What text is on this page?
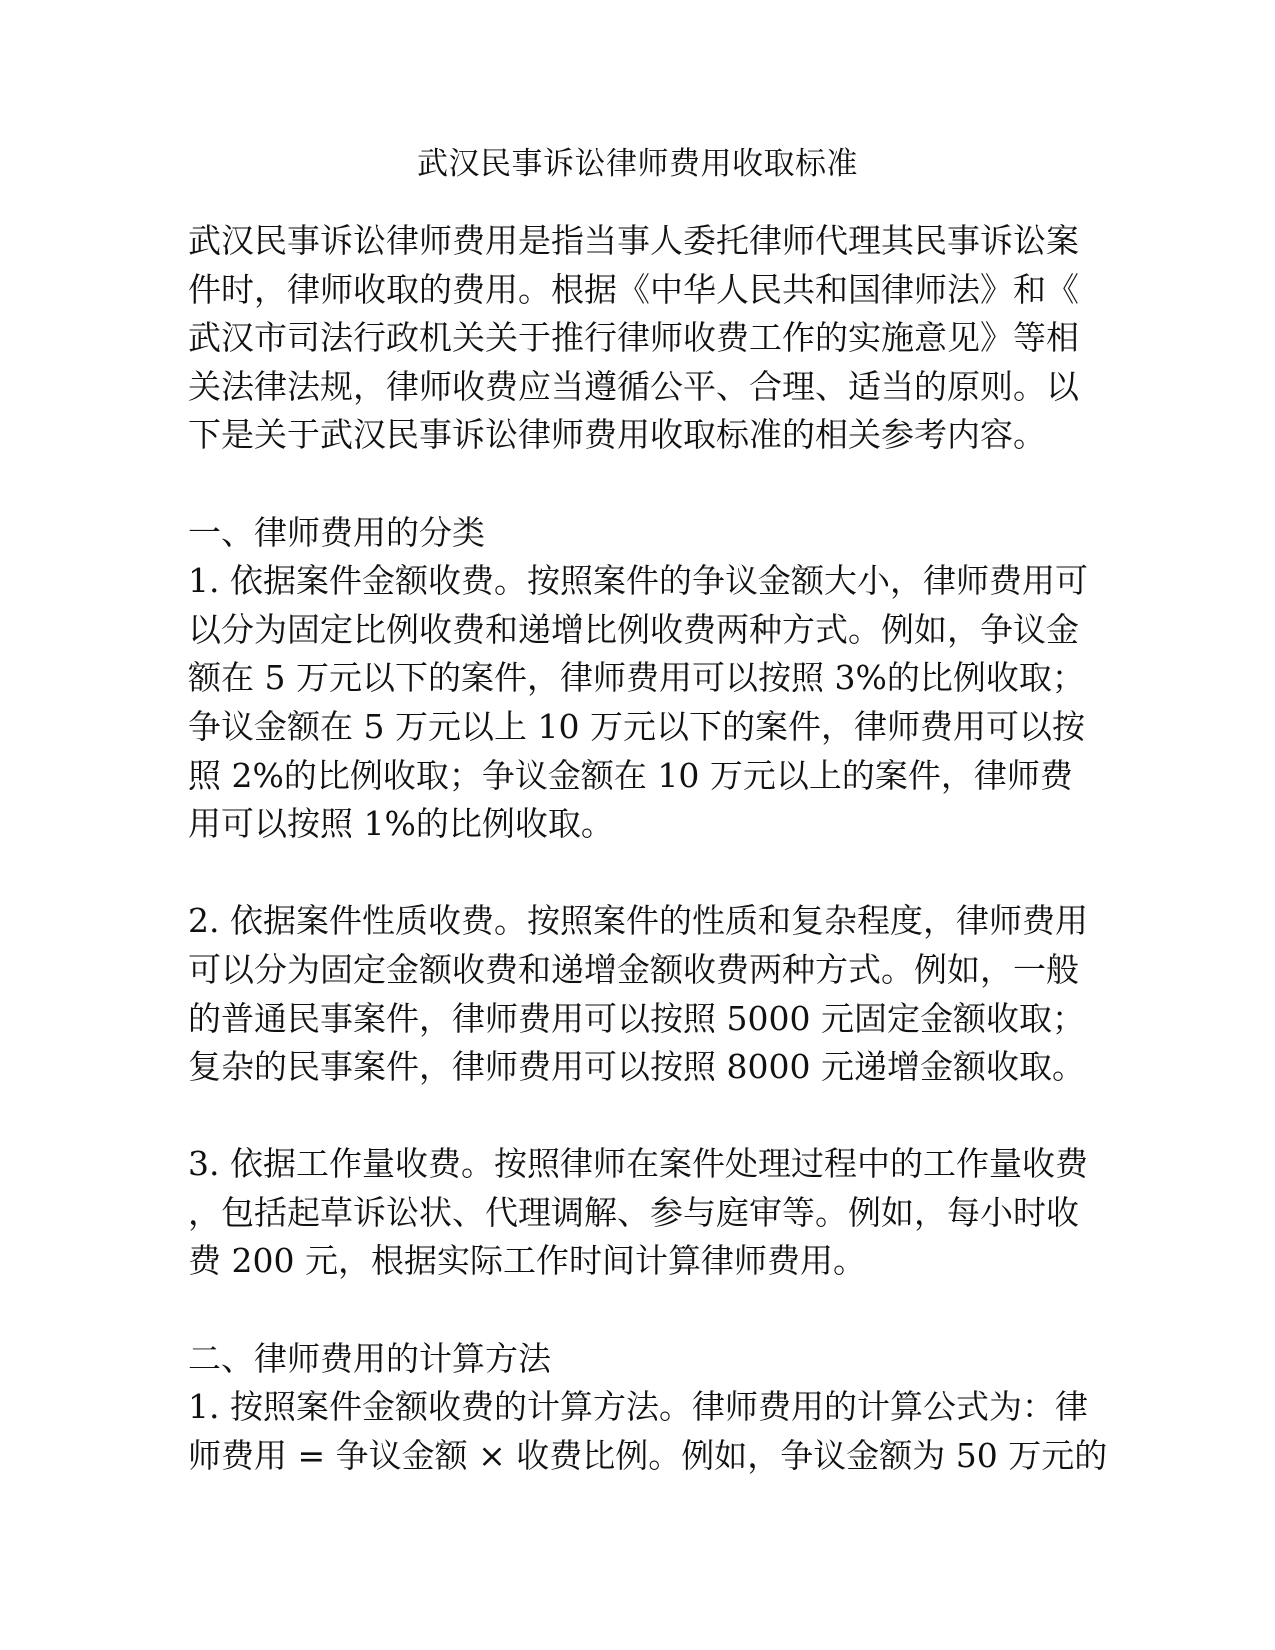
武汉民事诉讼律师费用收取标准
武汉民事诉讼律师费用是指当事人委托律师代理其民事诉讼案
件时，律师收取的费用。根据《中华人民共和国律师法》和《
武汉市司法行政机关关于推行律师收费工作的实施意见》等相
关法律法规，律师收费应当遵循公平、合理、适当的原则。以
下是关于武汉民事诉讼律师费用收取标准的相关参考内容。
一、律师费用的分类
1. 依据案件金额收费。按照案件的争议金额大小，律师费用可
以分为固定比例收费和递增比例收费两种方式。例如，争议金
额在 5 万元以下的案件，律师费用可以按照 3%的比例收取；
争议金额在 5 万元以上 10 万元以下的案件，律师费用可以按
照 2%的比例收取；争议金额在 10 万元以上的案件，律师费
用可以按照 1%的比例收取。
2. 依据案件性质收费。按照案件的性质和复杂程度，律师费用
可以分为固定金额收费和递增金额收费两种方式。例如，一般
的普通民事案件，律师费用可以按照 5000 元固定金额收取；
复杂的民事案件，律师费用可以按照 8000 元递增金额收取。
3. 依据工作量收费。按照律师在案件处理过程中的工作量收费
，包括起草诉讼状、代理调解、参与庭审等。例如，每小时收
费 200 元，根据实际工作时间计算律师费用。
二、律师费用的计算方法
1. 按照案件金额收费的计算方法。律师费用的计算公式为：律
师费用 = 争议金额 × 收费比例。例如，争议金额为 50 万元的
